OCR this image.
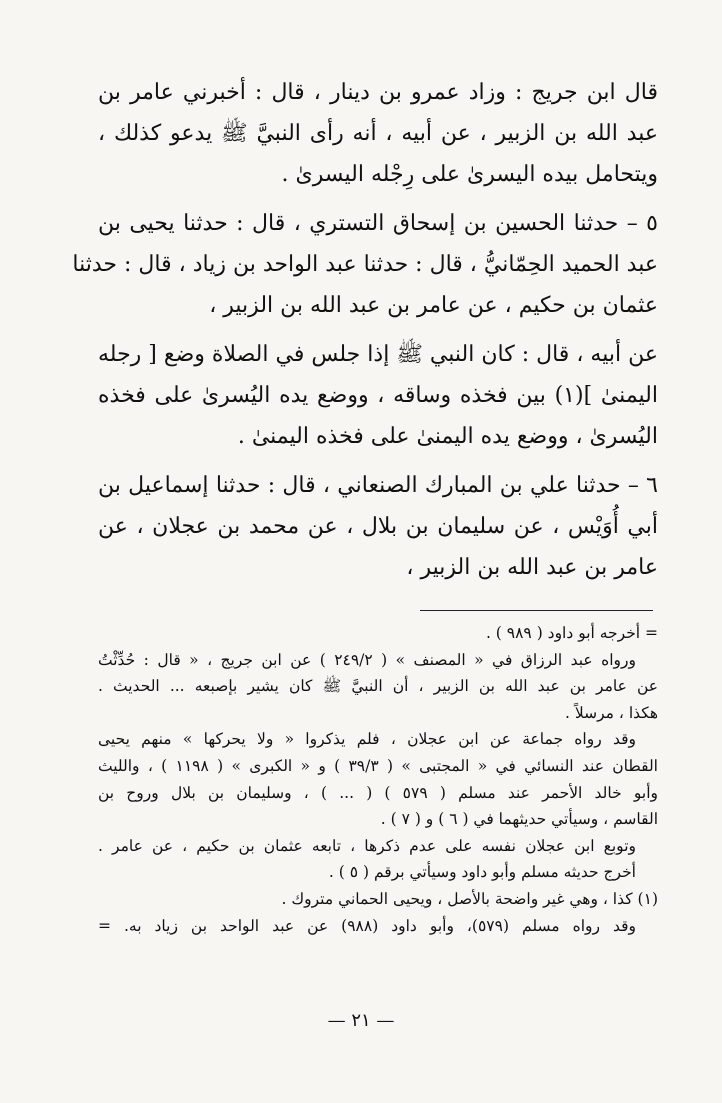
قال ابن جريج : وزاد عمرو بن دينار ، قال : أخبرني عامر بن
عبد الله بن الزبير ، عن أبيه ، أنه رأى النبيَّ ﷺ يدعو كذلك ،
ويتحامل بيده اليسرىٰ على رِجْله اليسرىٰ .
٥ – حدثنا الحسين بن إسحاق التستري ، قال : حدثنا يحيى بن
عبد الحميد الحِمّانيُّ ، قال : حدثنا عبد الواحد بن زياد ، قال : حدثنا
عثمان بن حكيم ، عن عامر بن عبد الله بن الزبير ،
عن أبيه ، قال : كان النبي ﷺ إذا جلس في الصلاة وضع [ رجله
اليمنىٰ ](١) بين فخذه وساقه ، ووضع يده اليُسرىٰ على فخذه
اليُسرىٰ ، ووضع يده اليمنىٰ على فخذه اليمنىٰ .
٦ – حدثنا علي بن المبارك الصنعاني ، قال : حدثنا إسماعيل بن
أبي أُوَيْس ، عن سليمان بن بلال ، عن محمد بن عجلان ، عن
عامر بن عبد الله بن الزبير ،
= أخرجه أبو داود ( ٩٨٩ ) .
ورواه عبد الرزاق في « المصنف » ( ٢٤٩/٢ ) عن ابن جريج ، « قال : حُدِّثْتُ
عن عامر بن عبد الله بن الزبير ، أن النبيَّ ﷺ كان يشير بإصبعه ... الحديث .
هكذا ، مرسلاً .
وقد رواه جماعة عن ابن عجلان ، فلم يذكروا « ولا يحركها » منهم يحيى
القطان عند النسائي في « المجتبى » ( ٣٩/٣ ) و « الكبرى » ( ١١٩٨ ) ، والليث
وأبو خالد الأحمر عند مسلم ( ٥٧٩ ) ( ... ) ، وسليمان بن بلال وروح بن
القاسم ، وسيأتي حديثهما في ( ٦ ) و ( ٧ ) .
وتوبع ابن عجلان نفسه على عدم ذكرها ، تابعه عثمان بن حكيم ، عن عامر .
أخرج حديثه مسلم وأبو داود وسيأتي برقم ( ٥ ) .
(١) كذا ، وهي غير واضحة بالأصل ، ويحيى الحماني متروك .
وقد رواه مسلم (٥٧٩)، وأبو داود (٩٨٨) عن عبد الواحد بن زياد به. =
— ٢١ —
